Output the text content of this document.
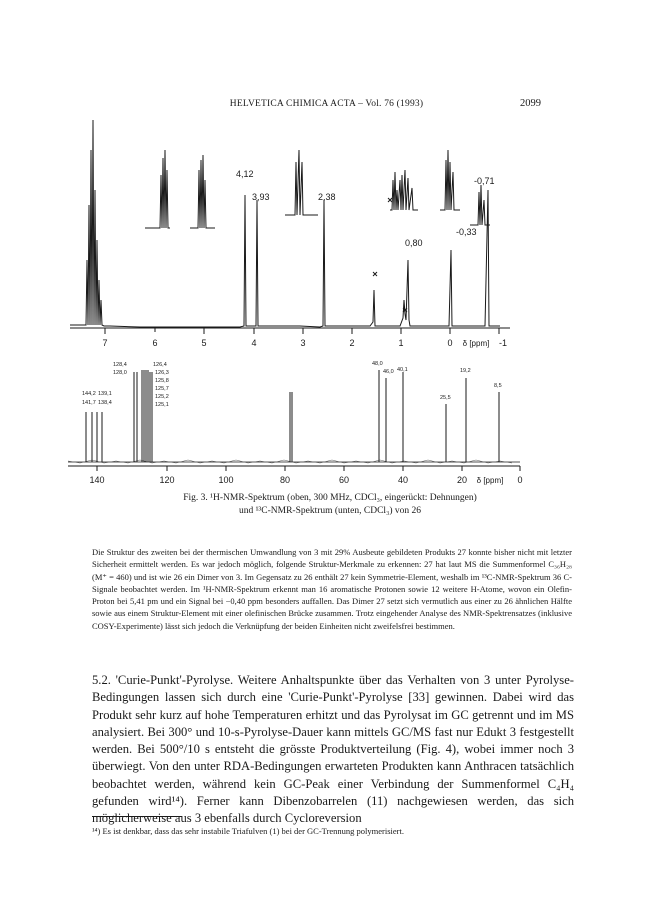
HELVETICA CHIMICA ACTA – Vol. 76 (1993)	2099
4,12
3,93	2,38
-0,71
0,80
-0,33
7	6	5	4	3	2	1	0 δ [ppm] -1
128,4
128,0
126,4
126,3
125,8
125,7
125,2
125,1
144,2 139,1
141,7 138,4
48,0
46,0 40,1	19,2
8,5
25,5
140	120	100	80	60	40	20 δ [ppm] 0
Fig. 3. ¹H-NMR-Spektrum (oben, 300 MHz, CDCl₃, eingerückt: Dehnungen)
und ¹³C-NMR-Spektrum (unten, CDCl₃) von 26
Die Struktur des zweiten bei der thermischen Umwandlung von 3 mit 29% Ausbeute gebildeten Produkts 27 konnte bisher nicht mit letzter Sicherheit ermittelt werden. Es war jedoch möglich, folgende Struktur-Merkmale zu erkennen: 27 hat laut MS die Summenformel C₃₆H₂₈ (M⁺ = 460) und ist wie 26 ein Dimer von 3. Im Gegensatz zu 26 enthält 27 kein Symmetrie-Element, weshalb im ¹³C-NMR-Spektrum 36 C-Signale beobachtet werden. Im ¹H-NMR-Spektrum erkennt man 16 aromatische Protonen sowie 12 weitere H-Atome, wovon ein Olefin-Proton bei 5,41 pm und ein Signal bei −0,40 ppm besonders auffallen. Das Dimer 27 setzt sich vermutlich aus einer zu 26 ähnlichen Hälfte sowie aus einem Struktur-Element mit einer olefinischen Brücke zusammen. Trotz eingehender Analyse des NMR-Spektrensatzes (inklusive COSY-Experimente) lässt sich jedoch die Verknüpfung der beiden Einheiten nicht zweifelsfrei bestimmen.
5.2. 'Curie-Punkt'-Pyrolyse. Weitere Anhaltspunkte über das Verhalten von 3 unter Pyrolyse-Bedingungen lassen sich durch eine 'Curie-Punkt'-Pyrolyse [33] gewinnen. Dabei wird das Produkt sehr kurz auf hohe Temperaturen erhitzt und das Pyrolysat im GC getrennt und im MS analysiert. Bei 300° und 10-s-Pyrolyse-Dauer kann mittels GC/MS fast nur Edukt 3 festgestellt werden. Bei 500°/10 s entsteht die grösste Produktverteilung (Fig. 4), wobei immer noch 3 überwiegt. Von den unter RDA-Bedingungen erwarteten Produkten kann Anthracen tatsächlich beobachtet werden, während kein GC-Peak einer Verbindung der Summenformel C₄H₄ gefunden wird¹⁴). Ferner kann Dibenzobarrelen (11) nachgewiesen werden, das sich möglicherweise aus 3 ebenfalls durch Cycloreversion
¹⁴) Es ist denkbar, dass das sehr instabile Triafulven (1) bei der GC-Trennung polymerisiert.
